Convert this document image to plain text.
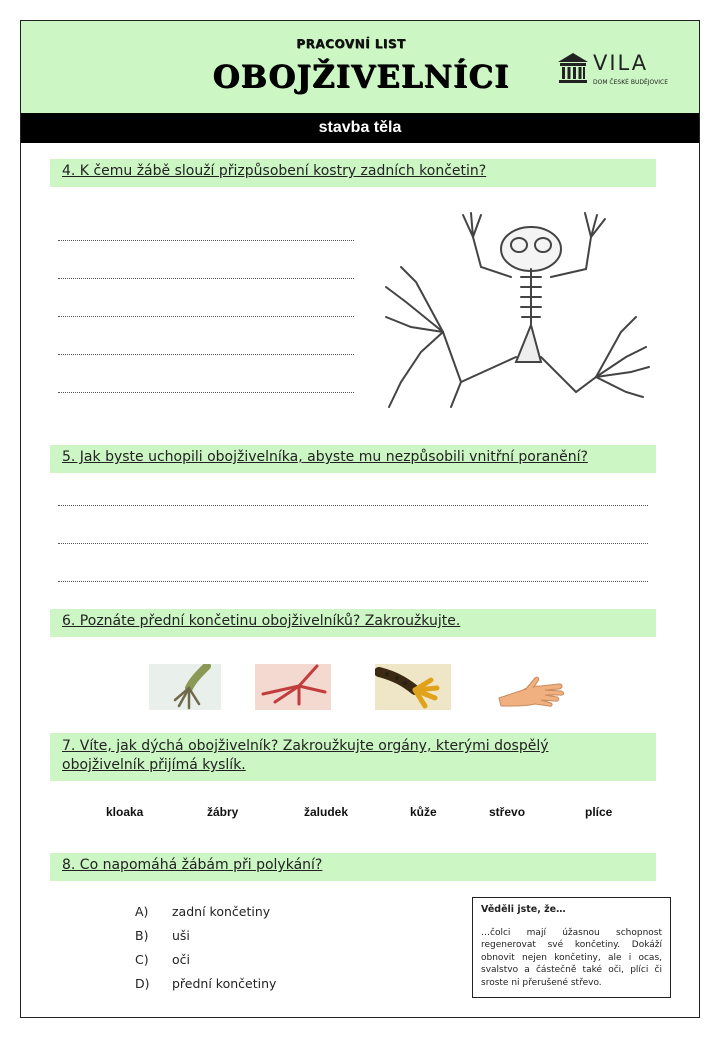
PRACOVNÍ LIST
OBOJŽIVELNÍCI	VILA
DOM ČESKÉ BUDĚJOVICE
stavba těla
4. K čemu žábě slouží přizpůsobení kostry zadních končetin?
5. Jak byste uchopili obojživelníka, abyste mu nezpůsobili vnitřní poranění?
6. Poznáte přední končetinu obojživelníků? Zakroužkujte.
7. Víte, jak dýchá obojživelník? Zakroužkujte orgány, kterými dospělý
obojživelník přijímá kyslík.
kloaka	žábry	žaludek	kůže	střevo	plíce
8. Co napomáhá žábám při polykání?
A) zadní končetiny
B) uši
C) oči
D) přední končetiny
Věděli jste, že…
…čolci mají úžasnou schopnost regenerovat své končetiny. Dokáží obnovit nejen končetiny, ale i ocas, svalstvo a částečně také oči, plíci či srostе ni přerušené střevo.
